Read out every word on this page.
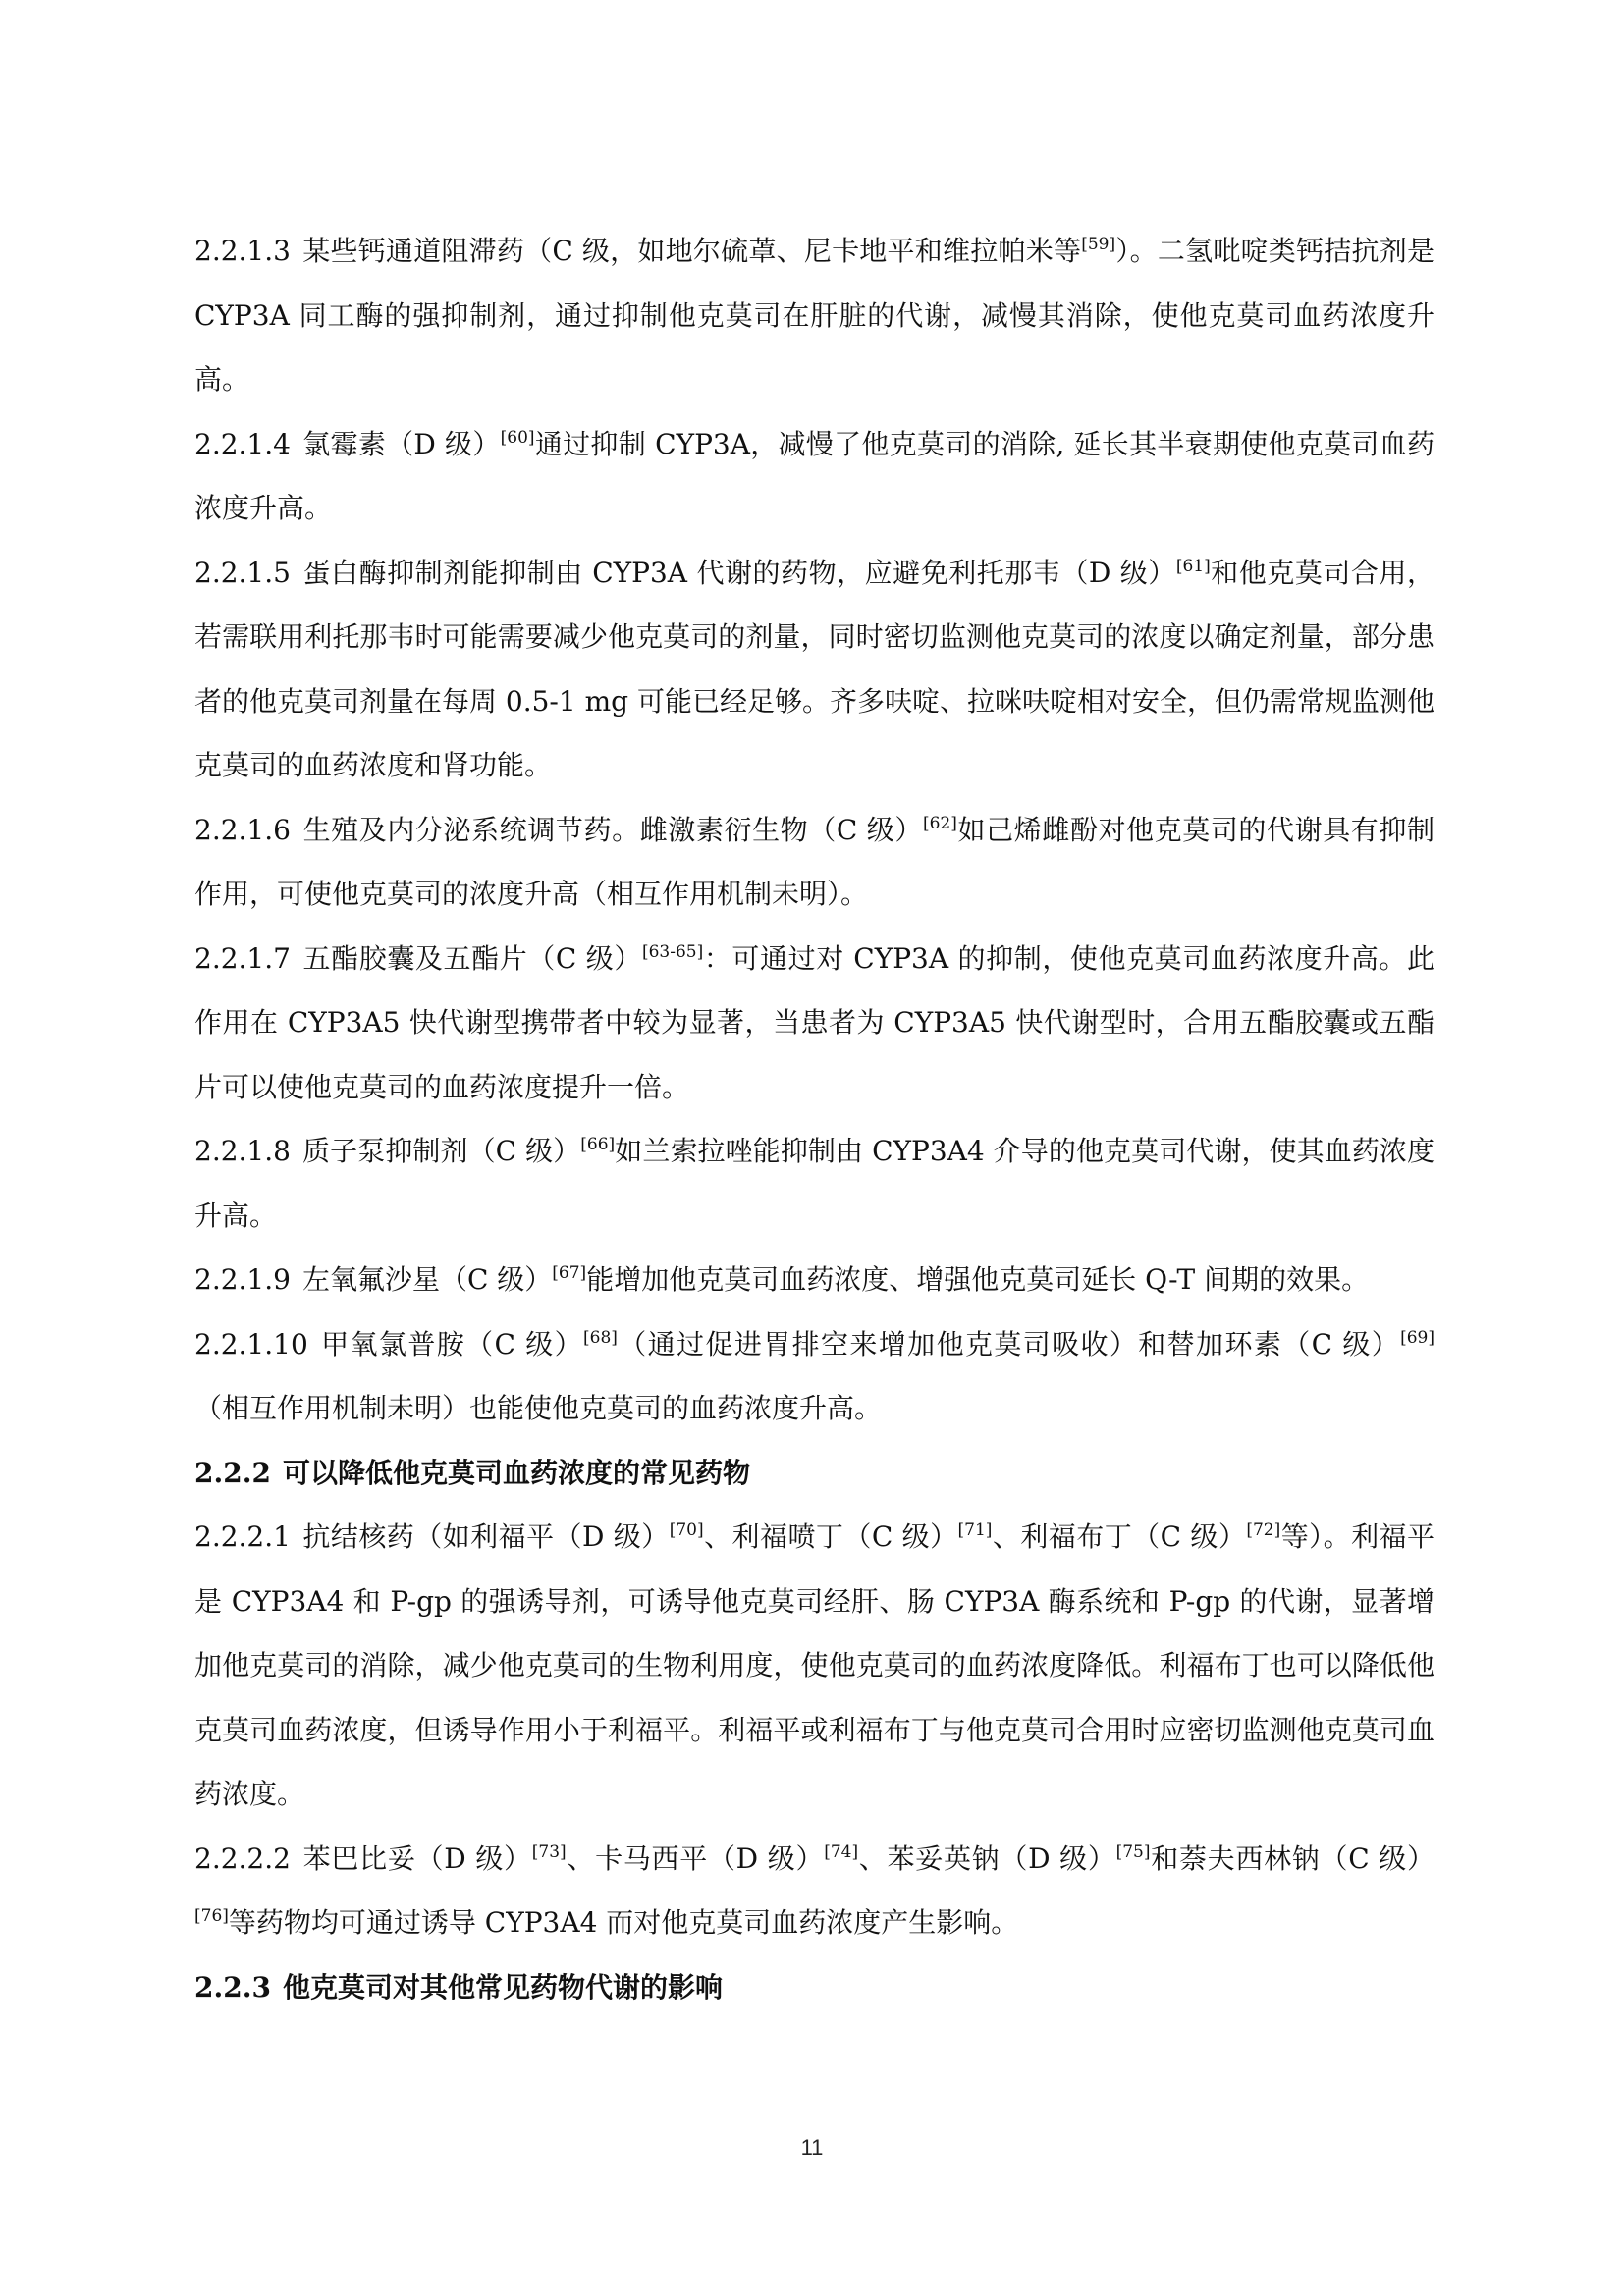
2.2.1.3 某些钙通道阻滞药（C 级，如地尔硫䓬、尼卡地平和维拉帕米等[59]）。二氢吡啶类钙拮抗剂是 CYP3A 同工酶的强抑制剂，通过抑制他克莫司在肝脏的代谢，减慢其消除，使他克莫司血药浓度升高。

2.2.1.4 氯霉素（D 级）[60]通过抑制 CYP3A，减慢了他克莫司的消除, 延长其半衰期使他克莫司血药浓度升高。

2.2.1.5 蛋白酶抑制剂能抑制由 CYP3A 代谢的药物，应避免利托那韦（D 级）[61]和他克莫司合用，若需联用利托那韦时可能需要减少他克莫司的剂量，同时密切监测他克莫司的浓度以确定剂量，部分患者的他克莫司剂量在每周 0.5-1 mg 可能已经足够。齐多呋啶、拉咪呋啶相对安全，但仍需常规监测他克莫司的血药浓度和肾功能。

2.2.1.6 生殖及内分泌系统调节药。雌激素衍生物（C 级）[62]如己烯雌酚对他克莫司的代谢具有抑制作用，可使他克莫司的浓度升高（相互作用机制未明）。

2.2.1.7 五酯胶囊及五酯片（C 级）[63-65]：可通过对 CYP3A 的抑制，使他克莫司血药浓度升高。此作用在 CYP3A5 快代谢型携带者中较为显著，当患者为 CYP3A5 快代谢型时，合用五酯胶囊或五酯片可以使他克莫司的血药浓度提升一倍。

2.2.1.8 质子泵抑制剂（C 级）[66]如兰索拉唑能抑制由 CYP3A4 介导的他克莫司代谢，使其血药浓度升高。

2.2.1.9 左氧氟沙星（C 级）[67]能增加他克莫司血药浓度、增强他克莫司延长 Q-T 间期的效果。

2.2.1.10 甲氧氯普胺（C 级）[68]（通过促进胃排空来增加他克莫司吸收）和替加环素（C 级）[69]（相互作用机制未明）也能使他克莫司的血药浓度升高。

2.2.2 可以降低他克莫司血药浓度的常见药物

2.2.2.1 抗结核药（如利福平（D 级）[70]、利福喷丁（C 级）[71]、利福布丁（C 级）[72]等）。利福平是 CYP3A4 和 P-gp 的强诱导剂，可诱导他克莫司经肝、肠 CYP3A 酶系统和 P-gp 的代谢，显著增加他克莫司的消除，减少他克莫司的生物利用度，使他克莫司的血药浓度降低。利福布丁也可以降低他克莫司血药浓度，但诱导作用小于利福平。利福平或利福布丁与他克莫司合用时应密切监测他克莫司血药浓度。

2.2.2.2 苯巴比妥（D 级）[73]、卡马西平（D 级）[74]、苯妥英钠（D 级）[75]和萘夫西林钠（C 级）[76]等药物均可通过诱导 CYP3A4 而对他克莫司血药浓度产生影响。

2.2.3 他克莫司对其他常见药物代谢的影响

11
